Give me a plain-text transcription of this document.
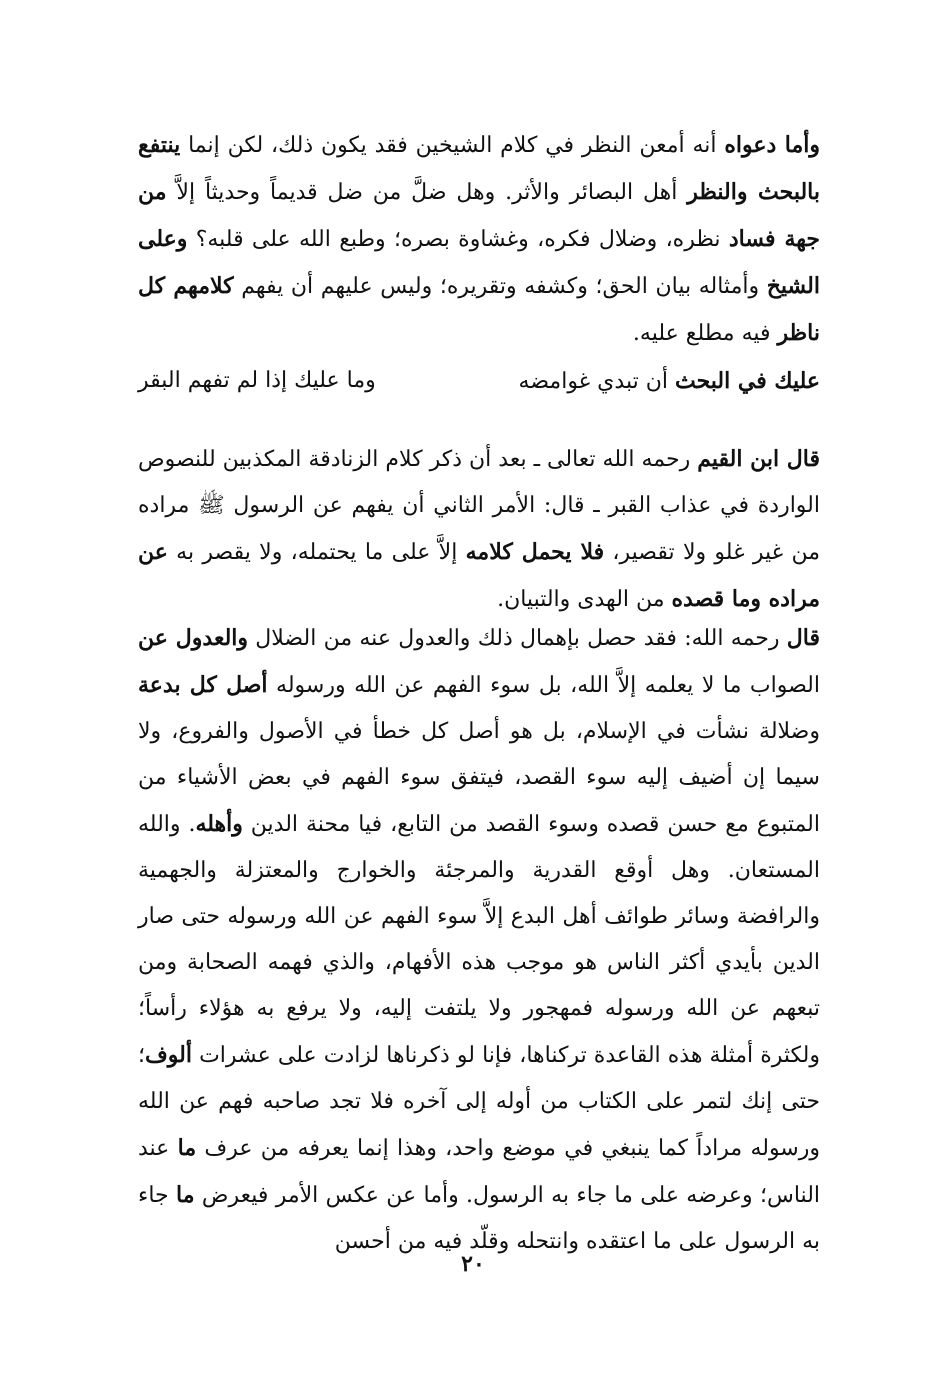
وأما دعواه أنه أمعن النظر في كلام الشيخين فقد يكون ذلك، لكن إنما ينتفع بالبحث والنظر أهل البصائر والأثر. وهل ضلَّ من ضل قديماً وحديثاً إلاَّ من جهة فساد نظره، وضلال فكره، وغشاوة بصره؛ وطبع الله على قلبه؟ وعلى الشيخ وأمثاله بيان الحق؛ وكشفه وتقريره؛ وليس عليهم أن يفهم كلامهم كل ناظر فيه مطلع عليه.
عليك في البحث أن تبدي غوامضه
وما عليك إذا لم تفهم البقر
قال ابن القيم رحمه الله تعالى ـ بعد أن ذكر كلام الزنادقة المكذبين للنصوص الواردة في عذاب القبر ـ قال: الأمر الثاني أن يفهم عن الرسول ﷺ مراده من غير غلو ولا تقصير، فلا يحمل كلامه إلاَّ على ما يحتمله، ولا يقصر به عن مراده وما قصده من الهدى والتبيان.
قال رحمه الله: فقد حصل بإهمال ذلك والعدول عنه من الضلال والعدول عن الصواب ما لا يعلمه إلاَّ الله، بل سوء الفهم عن الله ورسوله أصل كل بدعة وضلالة نشأت في الإسلام، بل هو أصل كل خطأ في الأصول والفروع، ولا سيما إن أضيف إليه سوء القصد، فيتفق سوء الفهم في بعض الأشياء من المتبوع مع حسن قصده وسوء القصد من التابع، فيا محنة الدين وأهله. والله المستعان. وهل أوقع القدرية والمرجئة والخوارج والمعتزلة والجهمية والرافضة وسائر طوائف أهل البدع إلاَّ سوء الفهم عن الله ورسوله حتى صار الدين بأيدي أكثر الناس هو موجب هذه الأفهام، والذي فهمه الصحابة ومن تبعهم عن الله ورسوله فمهجور ولا يلتفت إليه، ولا يرفع به هؤلاء رأساً؛ ولكثرة أمثلة هذه القاعدة تركناها، فإنا لو ذكرناها لزادت على عشرات ألوف؛ حتى إنك لتمر على الكتاب من أوله إلى آخره فلا تجد صاحبه فهم عن الله ورسوله مراداً كما ينبغي في موضع واحد، وهذا إنما يعرفه من عرف ما عند الناس؛ وعرضه على ما جاء به الرسول. وأما عن عكس الأمر فيعرض ما جاء به الرسول على ما اعتقده وانتحله وقلّد فيه من أحسن
٢٠
